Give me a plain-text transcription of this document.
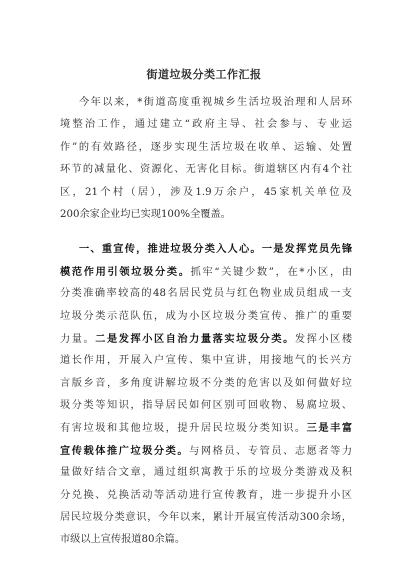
街道垃圾分类工作汇报
今年以来，*街道高度重视城乡生活垃圾治理和人居环
境整治工作，通过建立“政府主导、社会参与、专业运
作”的有效路径，逐步实现生活垃圾在收单、运输、处置
环节的减量化、资源化、无害化目标。街道辖区内有4个社
区，21个村（居），涉及1.9万余户，45家机关单位及
200余家企业均已实现100%全覆盖。
一、重宣传，推进垃圾分类入人心。一是发挥党员先锋
模范作用引领垃圾分类。抓牢“关键少数”，在*小区，由
分类准确率较高的48名居民党员与红色物业成员组成一支
垃圾分类示范队伍，成为小区垃圾分类宣传、推广的重要
力量。二是发挥小区自治力量落实垃圾分类。发挥小区楼
道长作用，开展入户宣传、集中宣讲，用接地气的长兴方
言版乡音，多角度讲解垃圾不分类的危害以及如何做好垃
圾分类等知识，指导居民如何区别可回收物、易腐垃圾、
有害垃圾和其他垃圾，提升居民垃圾分类知识。三是丰富
宣传载体推广垃圾分类。与网格员、专管员、志愿者等力
量做好结合文章，通过组织寓教于乐的垃圾分类游戏及积
分兑换、兑换活动等活动进行宣传教育，进一步提升小区
居民垃圾分类意识，今年以来，累计开展宣传活动300余场，
市级以上宣传报道80余篇。
